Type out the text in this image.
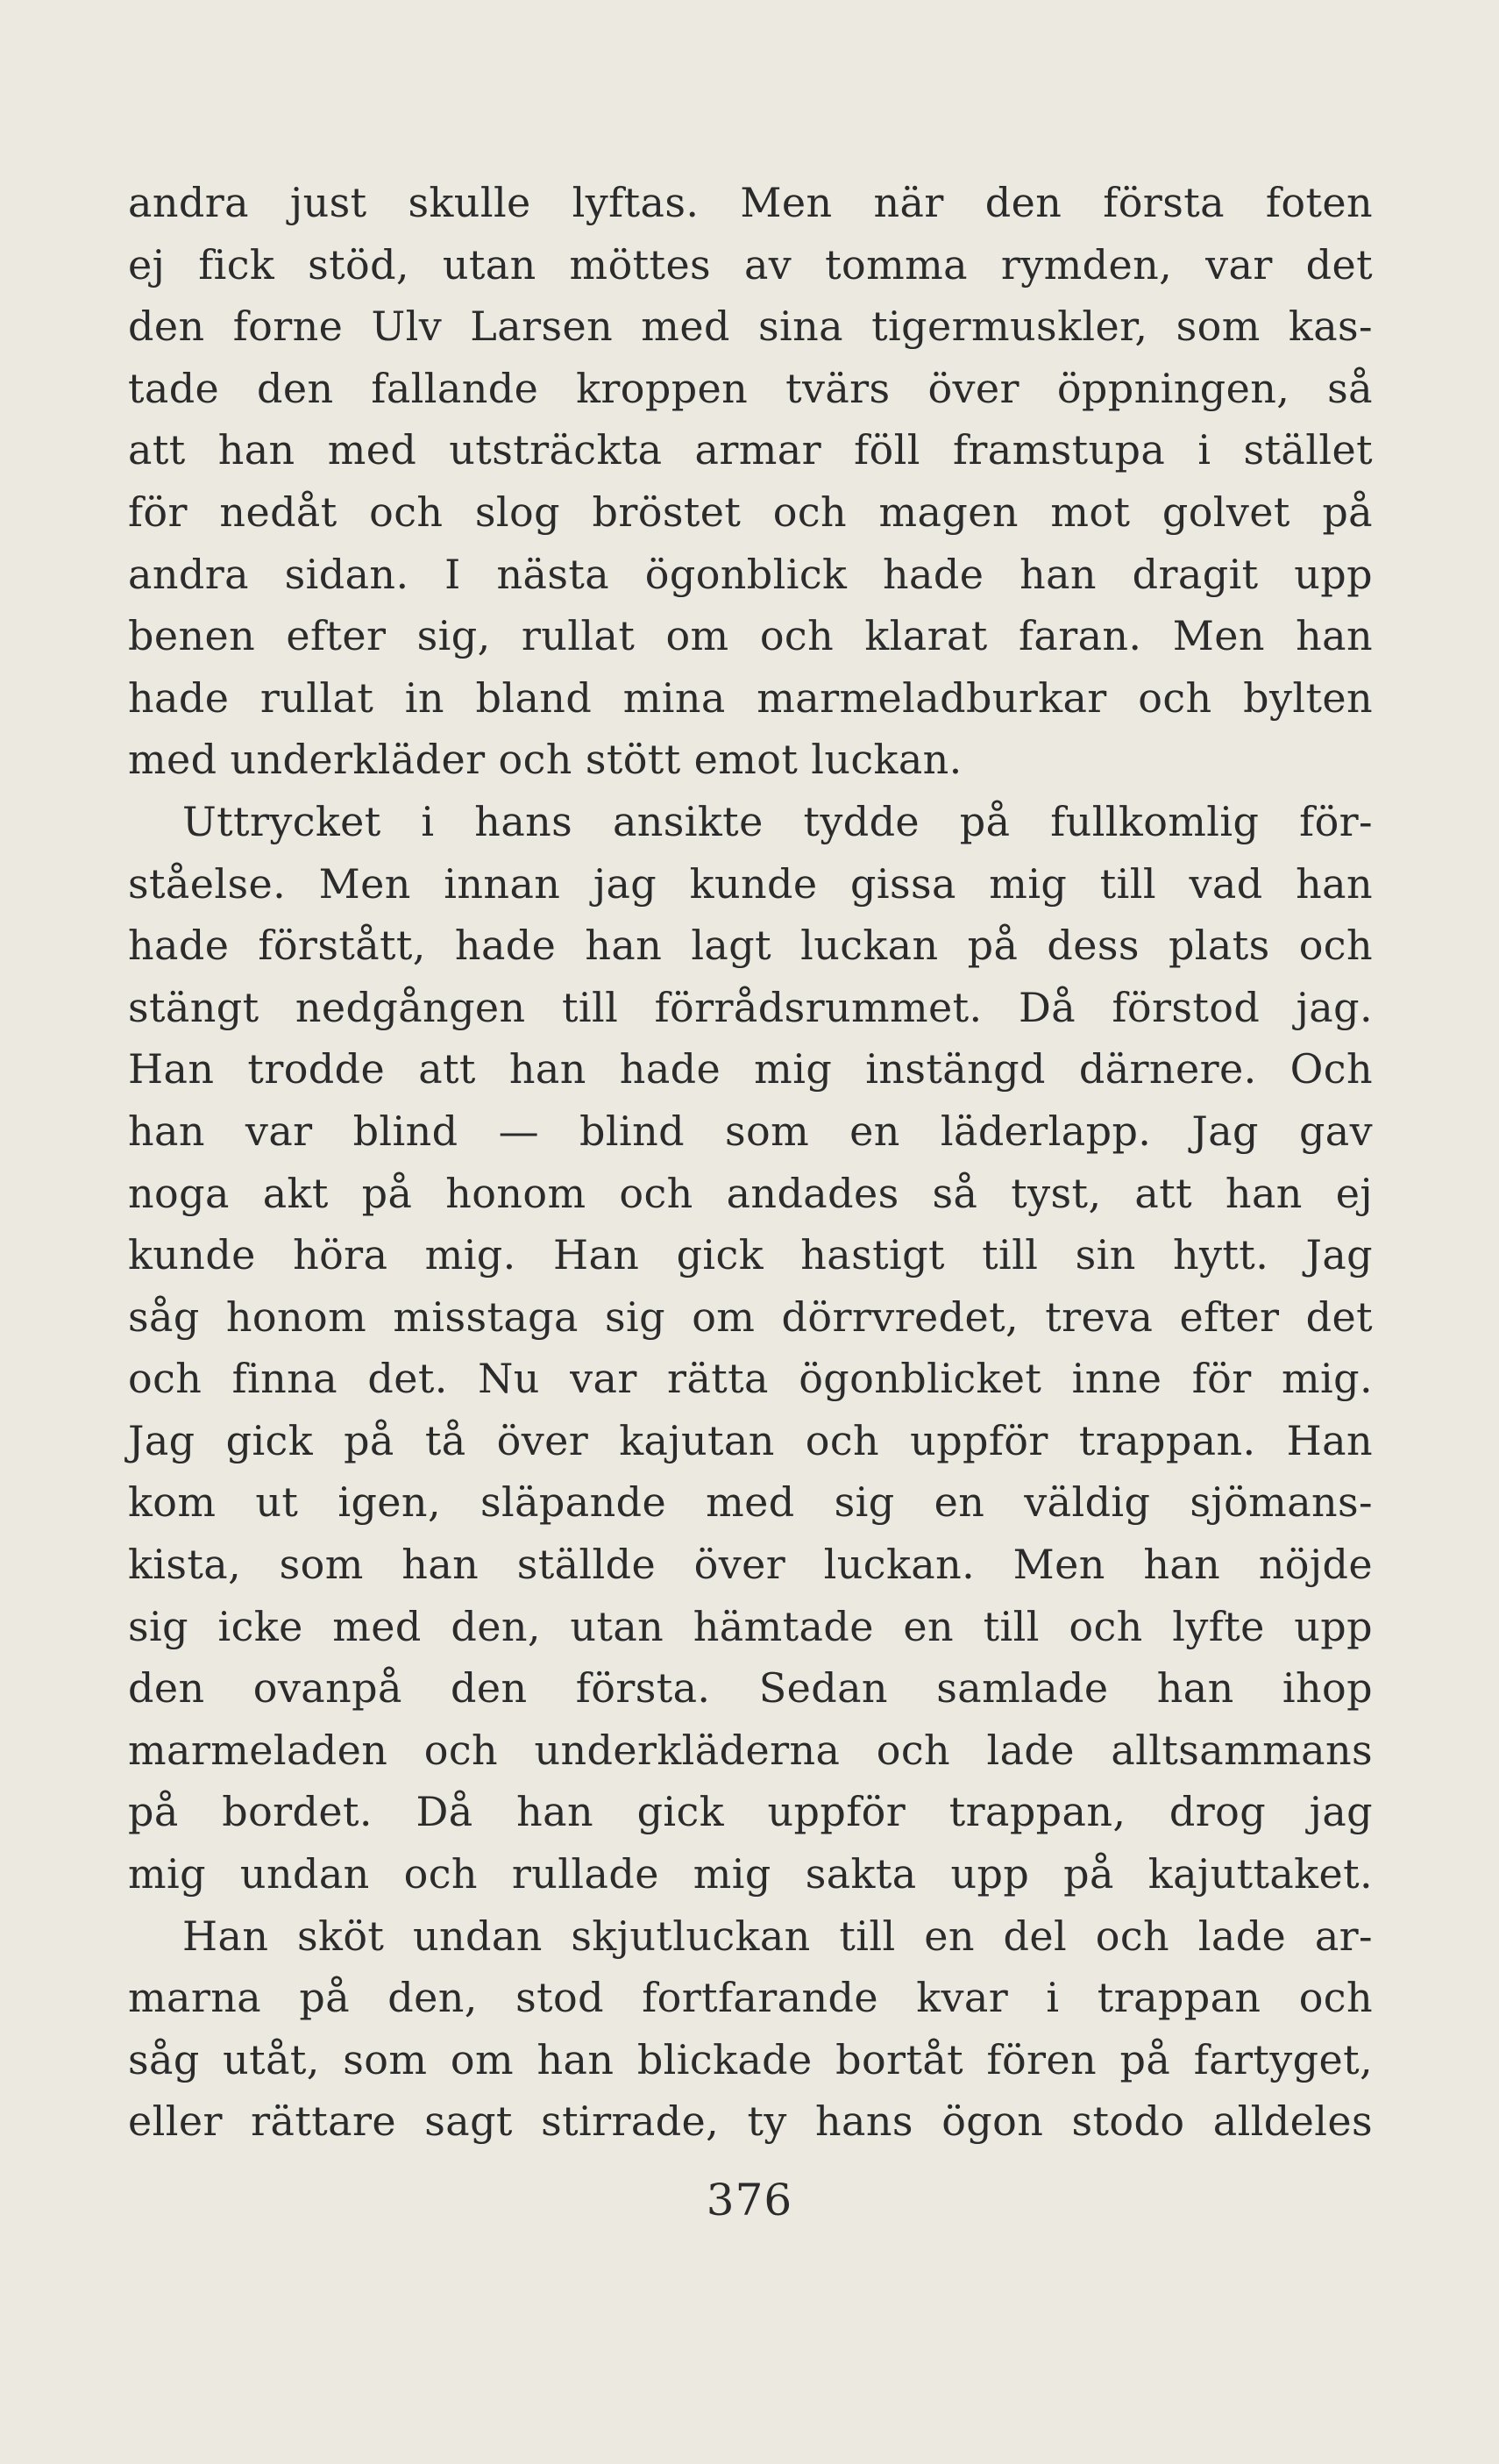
andra just skulle lyftas. Men när den första foten
ej fick stöd, utan möttes av tomma rymden, var det
den forne Ulv Larsen med sina tigermuskler, som kas-
tade den fallande kroppen tvärs över öppningen, så
att han med utsträckta armar föll framstupa i stället
för nedåt och slog bröstet och magen mot golvet på
andra sidan. I nästa ögonblick hade han dragit upp
benen efter sig, rullat om och klarat faran. Men han
hade rullat in bland mina marmeladburkar och bylten
med underkläder och stött emot luckan.
Uttrycket i hans ansikte tydde på fullkomlig för-
ståelse. Men innan jag kunde gissa mig till vad han
hade förstått, hade han lagt luckan på dess plats och
stängt nedgången till förrådsrummet. Då förstod jag.
Han trodde att han hade mig instängd därnere. Och
han var blind — blind som en läderlapp. Jag gav
noga akt på honom och andades så tyst, att han ej
kunde höra mig. Han gick hastigt till sin hytt. Jag
såg honom misstaga sig om dörrvredet, treva efter det
och finna det. Nu var rätta ögonblicket inne för mig.
Jag gick på tå över kajutan och uppför trappan. Han
kom ut igen, släpande med sig en väldig sjömans-
kista, som han ställde över luckan. Men han nöjde
sig icke med den, utan hämtade en till och lyfte upp
den ovanpå den första. Sedan samlade han ihop
marmeladen och underkläderna och lade alltsammans
på bordet. Då han gick uppför trappan, drog jag
mig undan och rullade mig sakta upp på kajuttaket.
Han sköt undan skjutluckan till en del och lade ar-
marna på den, stod fortfarande kvar i trappan och
såg utåt, som om han blickade bortåt fören på fartyget,
eller rättare sagt stirrade, ty hans ögon stodo alldeles
376
